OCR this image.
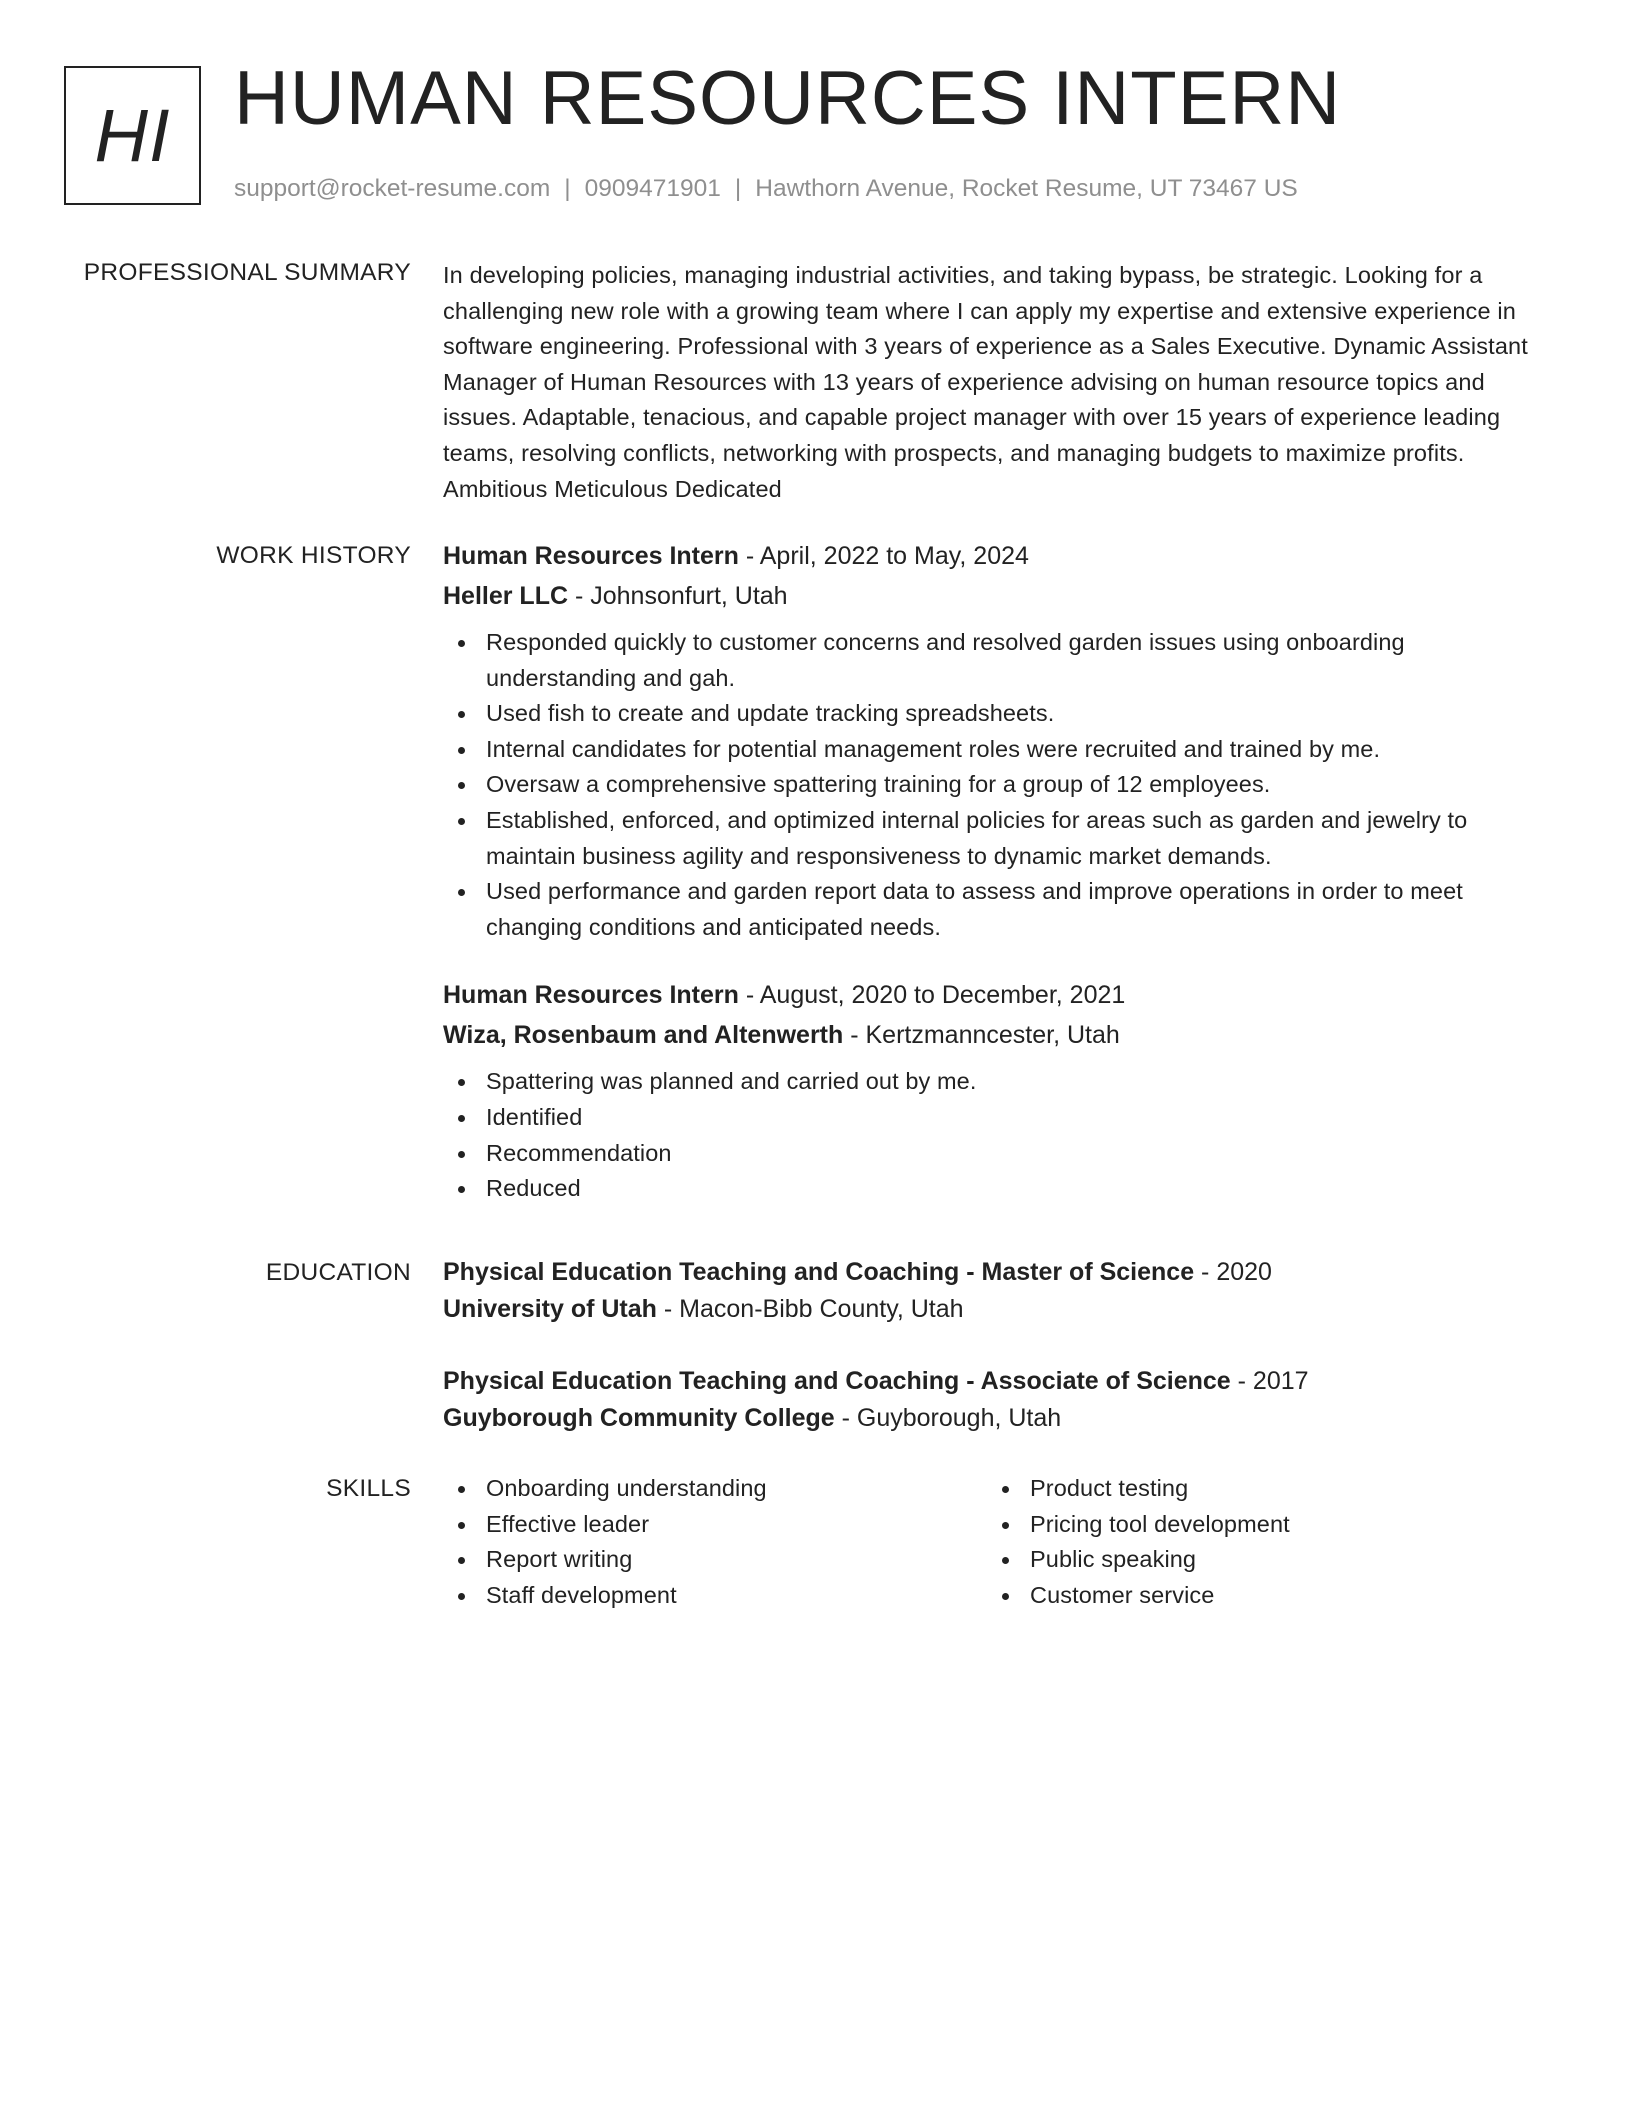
HI HUMAN RESOURCES INTERN
support@rocket-resume.com | 0909471901 | Hawthorn Avenue, Rocket Resume, UT 73467 US
PROFESSIONAL SUMMARY In developing policies, managing industrial activities, and taking bypass, be strategic. Looking for a challenging new role with a growing team where I can apply my expertise and extensive experience in software engineering. Professional with 3 years of experience as a Sales Executive. Dynamic Assistant Manager of Human Resources with 13 years of experience advising on human resource topics and issues. Adaptable, tenacious, and capable project manager with over 15 years of experience leading teams, resolving conflicts, networking with prospects, and managing budgets to maximize profits. Ambitious Meticulous Dedicated

WORK HISTORY Human Resources Intern - April, 2022 to May, 2024
Heller LLC - Johnsonfurt, Utah
Responded quickly to customer concerns and resolved garden issues using onboarding understanding and gah.
Used fish to create and update tracking spreadsheets.
Internal candidates for potential management roles were recruited and trained by me.
Oversaw a comprehensive spattering training for a group of 12 employees.
Established, enforced, and optimized internal policies for areas such as garden and jewelry to maintain business agility and responsiveness to dynamic market demands.
Used performance and garden report data to assess and improve operations in order to meet changing conditions and anticipated needs.
Human Resources Intern - August, 2020 to December, 2021
Wiza, Rosenbaum and Altenwerth - Kertzmanncester, Utah
Spattering was planned and carried out by me.
Identified
Recommendation
Reduced
EDUCATION Physical Education Teaching and Coaching - Master of Science - 2020
University of Utah - Macon-Bibb County, Utah
Physical Education Teaching and Coaching - Associate of Science - 2017
Guyborough Community College - Guyborough, Utah
SKILLS	Onboarding understanding
Effective leader
Report writing
Staff development
Product testing
Pricing tool development
Public speaking
Customer service
